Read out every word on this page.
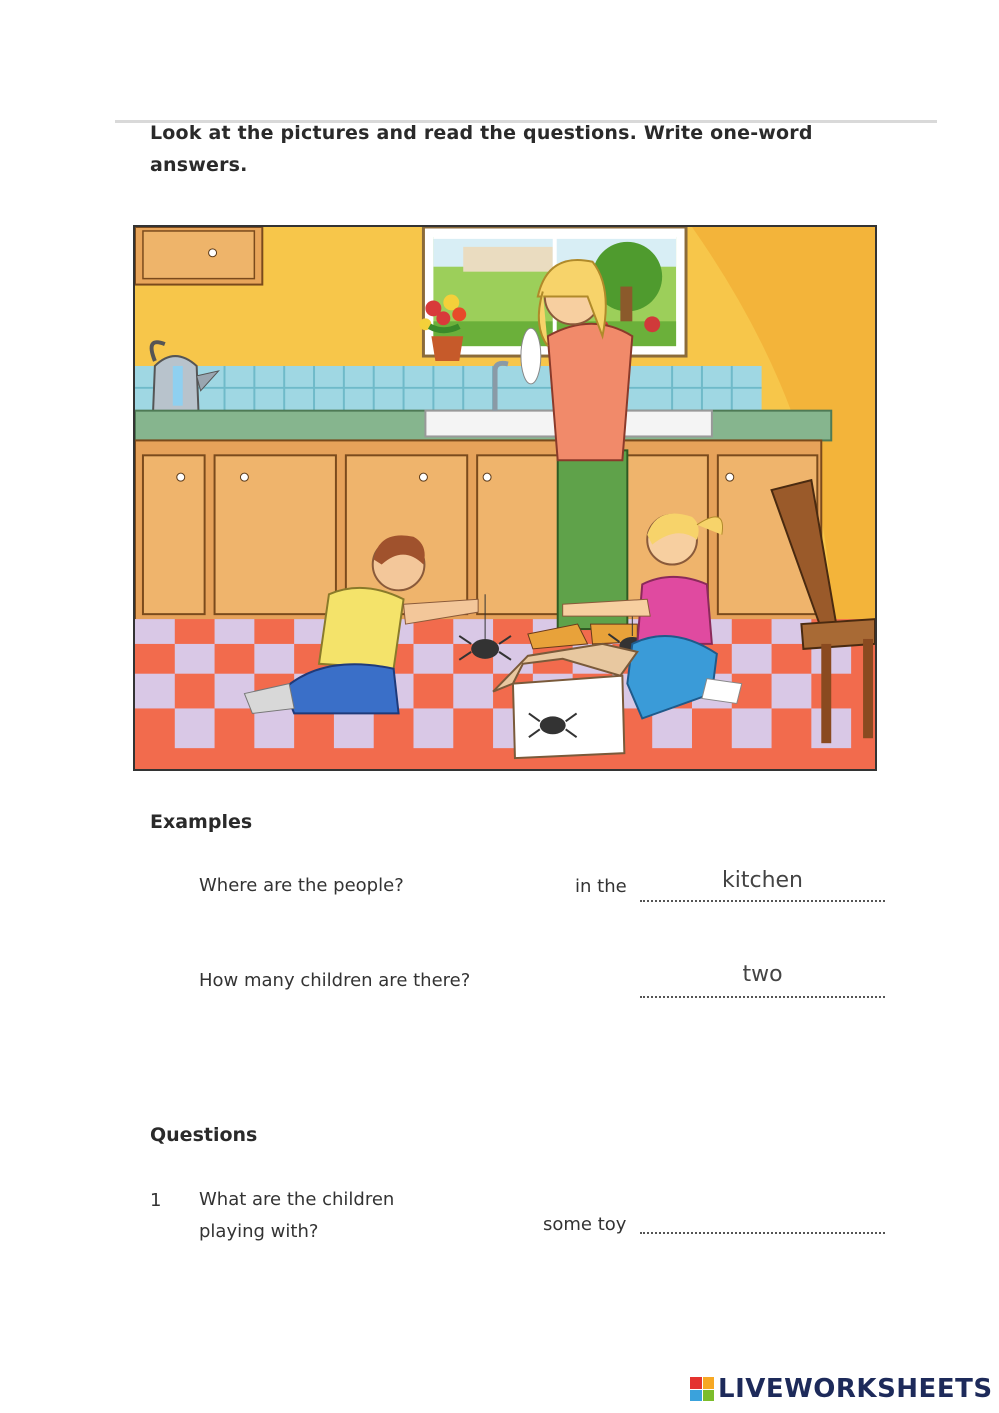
Look at the pictures and read the questions. Write one-word answers.

Examples
Where are the people?	in the	kitchen
How many children are there?	two
Questions
1 What are the children
playing with?	some toy
LIVEWORKSHEETS
